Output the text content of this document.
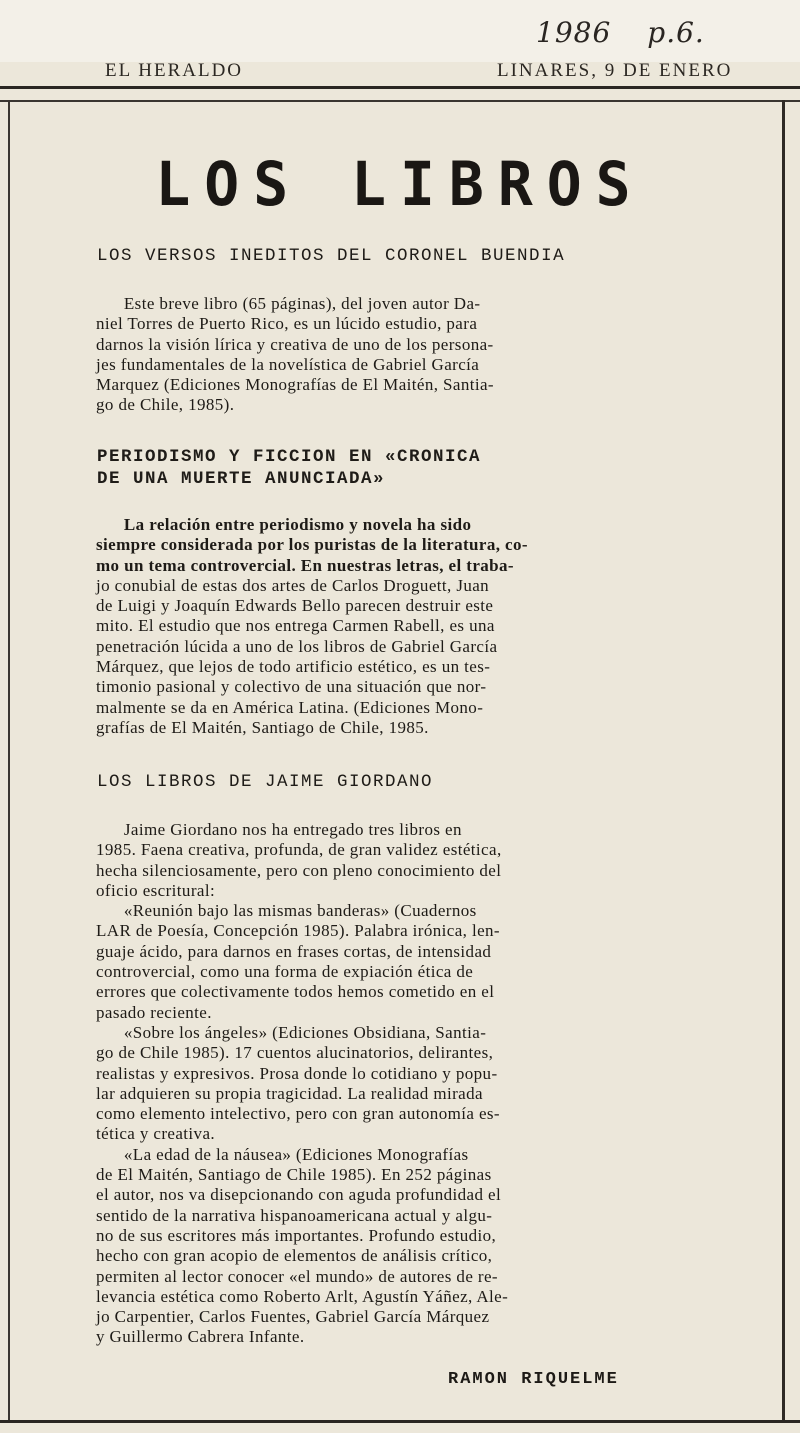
1986 p.6.
EL HERALDO	LINARES, 9 DE ENERO
LOS LIBROS
LOS VERSOS INEDITOS DEL CORONEL BUENDIA
Este breve libro (65 páginas), del joven autor Da-
niel Torres de Puerto Rico, es un lúcido estudio, para
darnos la visión lírica y creativa de uno de los persona-
jes fundamentales de la novelística de Gabriel García
Marquez (Ediciones Monografías de El Maitén, Santia-
go de Chile, 1985).
PERIODISMO Y FICCION EN «CRONICA
DE UNA MUERTE ANUNCIADA»
La relación entre periodismo y novela ha sido
siempre considerada por los puristas de la literatura, co-
mo un tema controvercial. En nuestras letras, el traba-
jo conubial de estas dos artes de Carlos Droguett, Juan
de Luigi y Joaquín Edwards Bello parecen destruir este
mito. El estudio que nos entrega Carmen Rabell, es una
penetración lúcida a uno de los libros de Gabriel García
Márquez, que lejos de todo artificio estético, es un tes-
timonio pasional y colectivo de una situación que nor-
malmente se da en América Latina. (Ediciones Mono-
grafías de El Maitén, Santiago de Chile, 1985.
LOS LIBROS DE JAIME GIORDANO
Jaime Giordano nos ha entregado tres libros en
1985. Faena creativa, profunda, de gran validez estética,
hecha silenciosamente, pero con pleno conocimiento del
oficio escritural:
«Reunión bajo las mismas banderas» (Cuadernos
LAR de Poesía, Concepción 1985). Palabra irónica, len-
guaje ácido, para darnos en frases cortas, de intensidad
controvercial, como una forma de expiación ética de
errores que colectivamente todos hemos cometido en el
pasado reciente.
«Sobre los ángeles» (Ediciones Obsidiana, Santia-
go de Chile 1985). 17 cuentos alucinatorios, delirantes,
realistas y expresivos. Prosa donde lo cotidiano y popu-
lar adquieren su propia tragicidad. La realidad mirada
como elemento intelectivo, pero con gran autonomía es-
tética y creativa.
«La edad de la náusea» (Ediciones Monografías
de El Maitén, Santiago de Chile 1985). En 252 páginas
el autor, nos va disepcionando con aguda profundidad el
sentido de la narrativa hispanoamericana actual y algu-
no de sus escritores más importantes. Profundo estudio,
hecho con gran acopio de elementos de análisis crítico,
permiten al lector conocer «el mundo» de autores de re-
levancia estética como Roberto Arlt, Agustín Yáñez, Ale-
jo Carpentier, Carlos Fuentes, Gabriel García Márquez
y Guillermo Cabrera Infante.
RAMON RIQUELME
